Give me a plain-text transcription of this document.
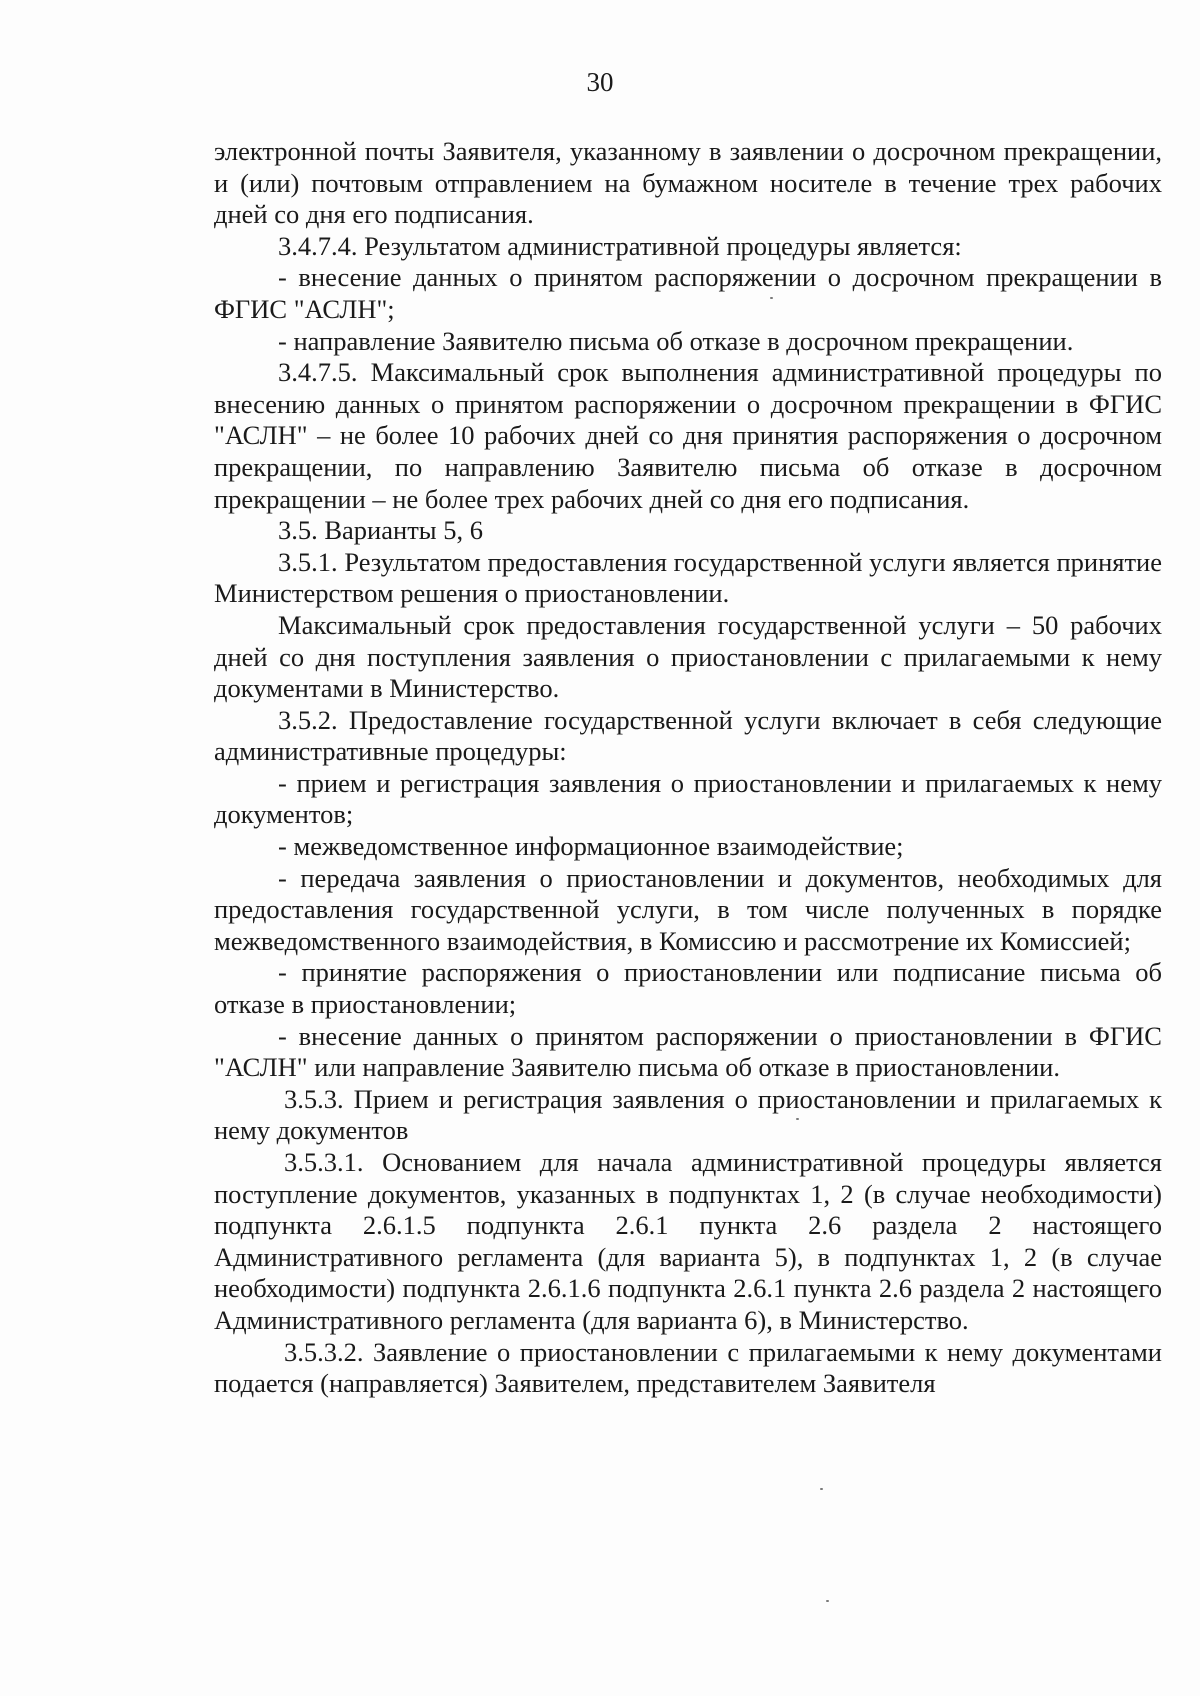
30

электронной почты Заявителя, указанному в заявлении о досрочном прекращении, и (или) почтовым отправлением на бумажном носителе в течение трех рабочих дней со дня его подписания.

3.4.7.4. Результатом административной процедуры является:

- внесение данных о принятом распоряжении о досрочном прекращении в ФГИС "АСЛН";

- направление Заявителю письма об отказе в досрочном прекращении.

3.4.7.5. Максимальный срок выполнения административной процедуры по внесению данных о принятом распоряжении о досрочном прекращении в ФГИС "АСЛН" – не более 10 рабочих дней со дня принятия распоряжения о досрочном прекращении, по направлению Заявителю письма об отказе в досрочном прекращении – не более трех рабочих дней со дня его подписания.

3.5. Варианты 5, 6

3.5.1. Результатом предоставления государственной услуги является принятие Министерством решения о приостановлении.

Максимальный срок предоставления государственной услуги – 50 рабочих дней со дня поступления заявления о приостановлении с прилагаемыми к нему документами в Министерство.

3.5.2. Предоставление государственной услуги включает в себя следующие административные процедуры:

- прием и регистрация заявления о приостановлении и прилагаемых к нему документов;

- межведомственное информационное взаимодействие;

- передача заявления о приостановлении и документов, необходимых для предоставления государственной услуги, в том числе полученных в порядке межведомственного взаимодействия, в Комиссию и рассмотрение их Комиссией;

- принятие распоряжения о приостановлении или подписание письма об отказе в приостановлении;

- внесение данных о принятом распоряжении о приостановлении в ФГИС "АСЛН" или направление Заявителю письма об отказе в приостановлении.

3.5.3. Прием и регистрация заявления о приостановлении и прилагаемых к нему документов

3.5.3.1. Основанием для начала административной процедуры является поступление документов, указанных в подпунктах 1, 2 (в случае необходимости) подпункта 2.6.1.5 подпункта 2.6.1 пункта 2.6 раздела 2 настоящего Административного регламента (для варианта 5), в подпунктах 1, 2 (в случае необходимости) подпункта 2.6.1.6 подпункта 2.6.1 пункта 2.6 раздела 2 настоящего Административного регламента (для варианта 6), в Министерство.

3.5.3.2. Заявление о приостановлении с прилагаемыми к нему документами подается (направляется) Заявителем, представителем Заявителя
